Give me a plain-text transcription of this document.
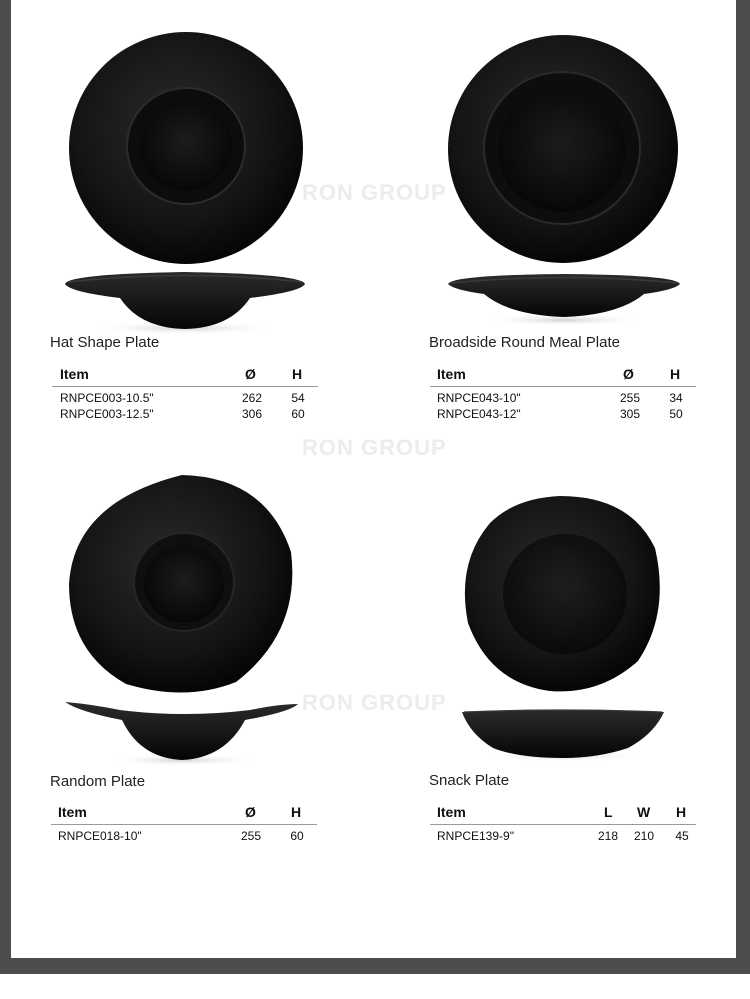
RON GROUP
RON GROUP
RON GROUP
Hat Shape Plate
Item	Ø	H
RNPCE003-10.5"	262	54
RNPCE003-12.5"	306	60
Broadside Round Meal Plate
Item	Ø	H
RNPCE043-10"	255	34
RNPCE043-12"	305	50
Random Plate
Item	Ø	H
RNPCE018-10"	255	60
Snack Plate
Item	L W H
RNPCE139-9"	218	210	45
